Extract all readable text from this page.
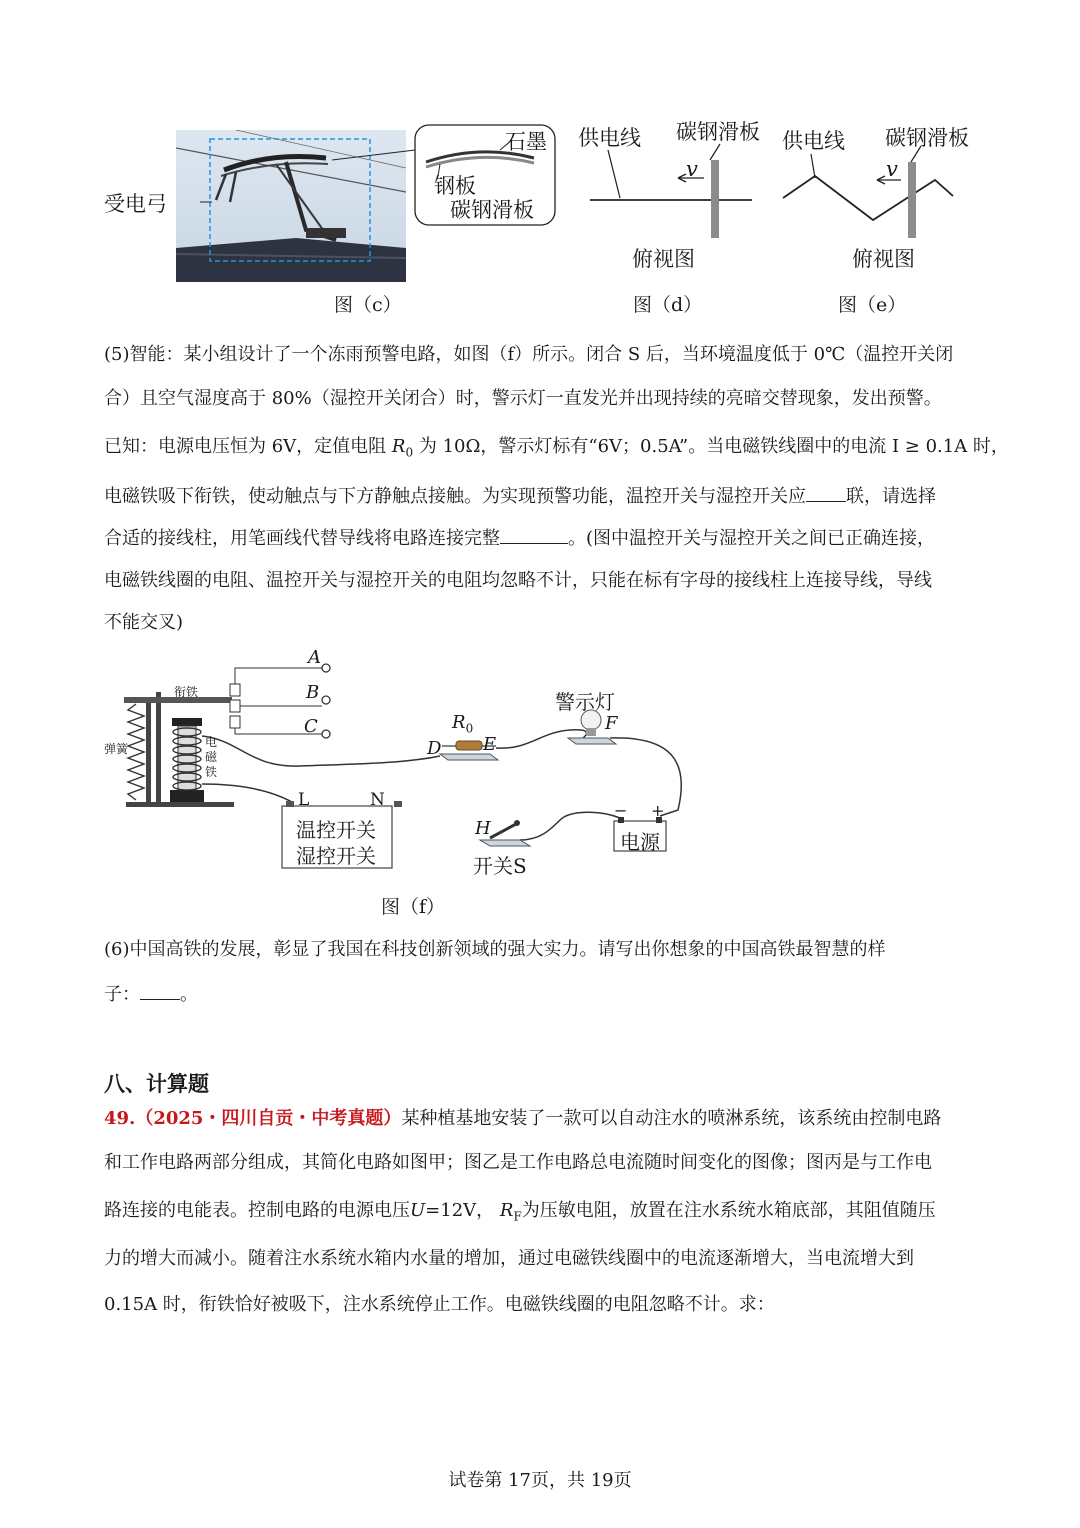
受电弓
石墨
钢板
碳钢滑板
图（c）
供电线 碳钢滑板
v
俯视图
图（d）
供电线 碳钢滑板
v
俯视图
图（e）
(5)智能：某小组设计了一个冻雨预警电路，如图（f）所示。闭合 S 后，当环境温度低于 0℃（温控开关闭
合）且空气湿度高于 80%（湿控开关闭合）时，警示灯一直发光并出现持续的亮暗交替现象，发出预警。
已知：电源电压恒为 6V，定值电阻 $R_0$ 为 10Ω，警示灯标有“6V；0.5A”。当电磁铁线圈中的电流 I ≥ 0.1A 时，
电磁铁吸下衔铁，使动触点与下方静触点接触。为实现预警功能，温控开关与湿控开关应 联，请选择
合适的接线柱，用笔画线代替导线将电路连接完整	。(图中温控开关与湿控开关之间已正确连接，
电磁铁线圈的电阻、温控开关与湿控开关的电阻均忽略不计，只能在标有字母的接线柱上连接导线，导线
不能交叉)
A
B
C
衔铁
弹簧	电
磁
铁
$R_0$
D E
警示灯
F
L	N
温控开关
湿控开关
H
开关S
− +
电源
图（f）
(6)中国高铁的发展，彰显了我国在科技创新领域的强大实力。请写出你想象的中国高铁最智慧的样
子： 。
八、计算题
49.（2025・四川自贡・中考真题）某种植基地安装了一款可以自动注水的喷淋系统，该系统由控制电路
和工作电路两部分组成，其简化电路如图甲；图乙是工作电路总电流随时间变化的图像；图丙是与工作电
路连接的电能表。控制电路的电源电压U=12V， $R_F$为压敏电阻，放置在注水系统水箱底部，其阻值随压
力的增大而减小。随着注水系统水箱内水量的增加，通过电磁铁线圈中的电流逐渐增大，当电流增大到
0.15A 时，衔铁恰好被吸下，注水系统停止工作。电磁铁线圈的电阻忽略不计。求：
试卷第 17页，共 19页
